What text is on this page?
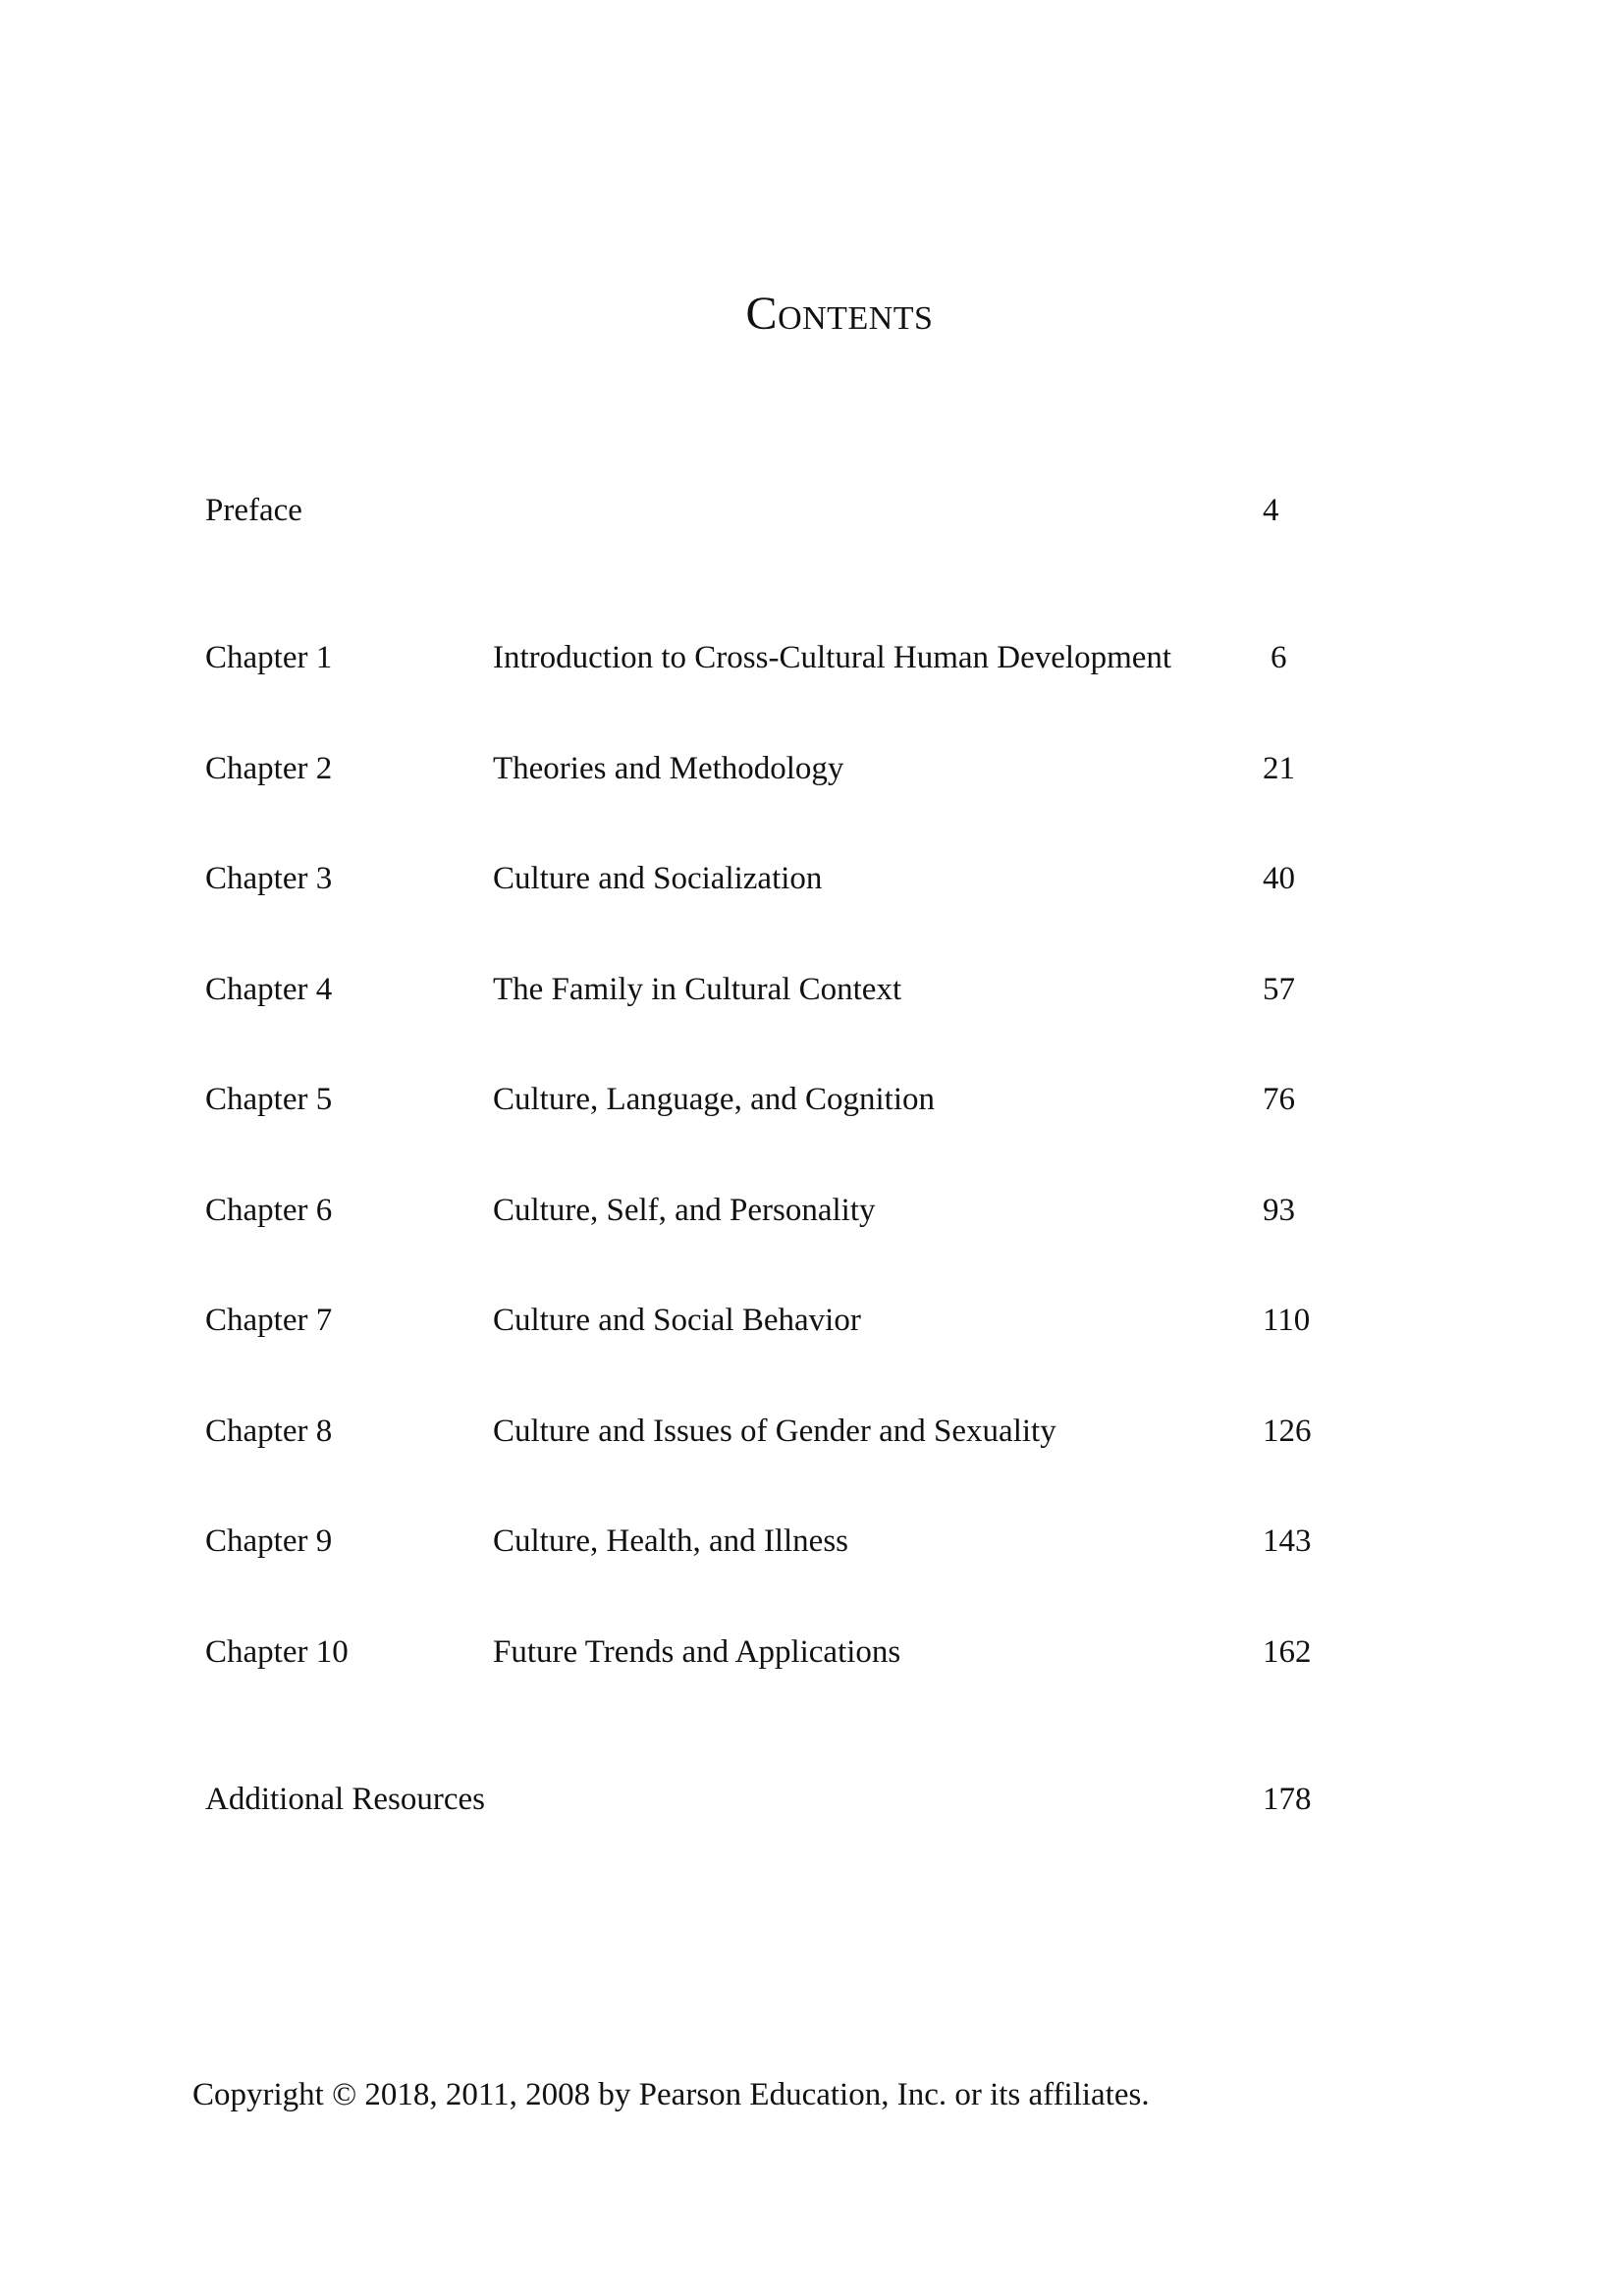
Contents
Preface	4
Chapter 1	Introduction to Cross-Cultural Human Development	6
Chapter 2	Theories and Methodology	21
Chapter 3	Culture and Socialization	40
Chapter 4	The Family in Cultural Context	57
Chapter 5	Culture, Language, and Cognition	76
Chapter 6	Culture, Self, and Personality	93
Chapter 7	Culture and Social Behavior	110
Chapter 8	Culture and Issues of Gender and Sexuality	126
Chapter 9	Culture, Health, and Illness	143
Chapter 10	Future Trends and Applications	162
Additional Resources	178
Copyright © 2018, 2011, 2008 by Pearson Education, Inc. or its affiliates.
